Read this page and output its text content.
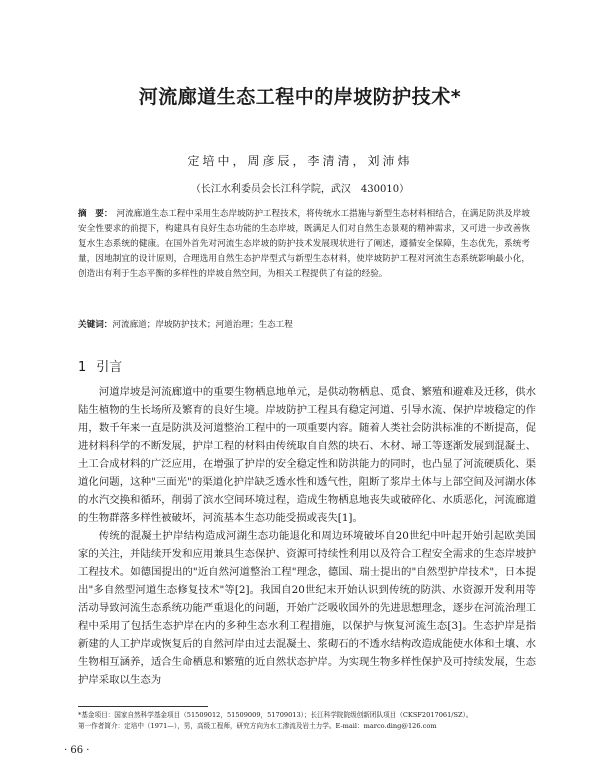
河流廊道生态工程中的岸坡防护技术*
定培中，周彦辰，李清清，刘沛炜
（长江水利委员会长江科学院，武汉　430010）
摘　要： 河流廊道生态工程中采用生态岸坡防护工程技术，将传统水工措施与新型生态材料相结合，在满足防洪及岸坡安全性要求的前提下，构建具有良好生态功能的生态岸坡，既满足人们对自然生态景观的精神需求，又可进一步改善恢复水生态系统的健康。在国外首先对河流生态岸坡的防护技术发展现状进行了阐述，遵循安全保障，生态优先，系统考量，因地制宜的设计原则，合理选用自然生态护岸型式与新型生态材料，使岸坡防护工程对河流生态系统影响最小化，创造出有利于生态平衡的多样性的岸坡自然空间，为相关工程提供了有益的经验。
关键词：河流廊道；岸坡防护技术；河道治理；生态工程
1 引言

河道岸坡是河流廊道中的重要生物栖息地单元，是供动物栖息、觅食、繁殖和避难及迁移，供水陆生植物的生长场所及繁育的良好生境。岸坡防护工程具有稳定河道、引导水流、保护岸坡稳定的作用，数千年来一直是防洪及河道整治工程中的一项重要内容。随着人类社会防洪标准的不断提高，促进材料科学的不断发展，护岸工程的材料由传统取自自然的块石、木材、埽工等逐渐发展到混凝土、土工合成材料的广泛应用，在增强了护岸的安全稳定性和防洪能力的同时，也凸显了河流硬质化、渠道化问题，这种"三面光"的渠道化护岸缺乏透水性和透气性，阻断了浆岸土体与上部空间及河湖水体的水汽交换和循环，削弱了滨水空间环境过程，造成生物栖息地丧失或破碎化、水质恶化，河流廊道的生物群落多样性被破坏，河流基本生态功能受损或丧失[1]。

传统的混凝土护岸结构造成河湖生态功能退化和周边环境破坏自20世纪中叶起开始引起欧美国家的关注，并陆续开发和应用兼具生态保护、资源可持续性利用以及符合工程安全需求的生态岸坡护工程技术。如德国提出的"近自然河道整治工程"理念，德国、瑞士提出的"自然型护岸技术"，日本提出"多自然型河道生态修复技术"等[2]。我国自20世纪末开始认识到传统的防洪、水资源开发利用等活动导致河流生态系统功能严重退化的问题，开始广泛吸收国外的先进思想理念，逐步在河流治理工程中采用了包括生态护岸在内的多种生态水利工程措施，以保护与恢复河流生态[3]。生态护岸是指新建的人工护岸或恢复后的自然河岸由过去混凝土、浆砌石的不透水结构改造成能使水体和土壤、水生物相互涵养，适合生命栖息和繁殖的近自然状态护岸。为实现生物多样性保护及可持续发展，生态护岸采取以生态为

*基金项目：国家自然科学基金项目（51509012，51509009，51709013）；长江科学院院级创新团队项目（CKSF2017061/SZ）。
第一作者简介：定培中（1971—），男，高级工程师，研究方向为水工渗流及岩土力学。E-mail：marco.ding@126.com
· 66 ·
